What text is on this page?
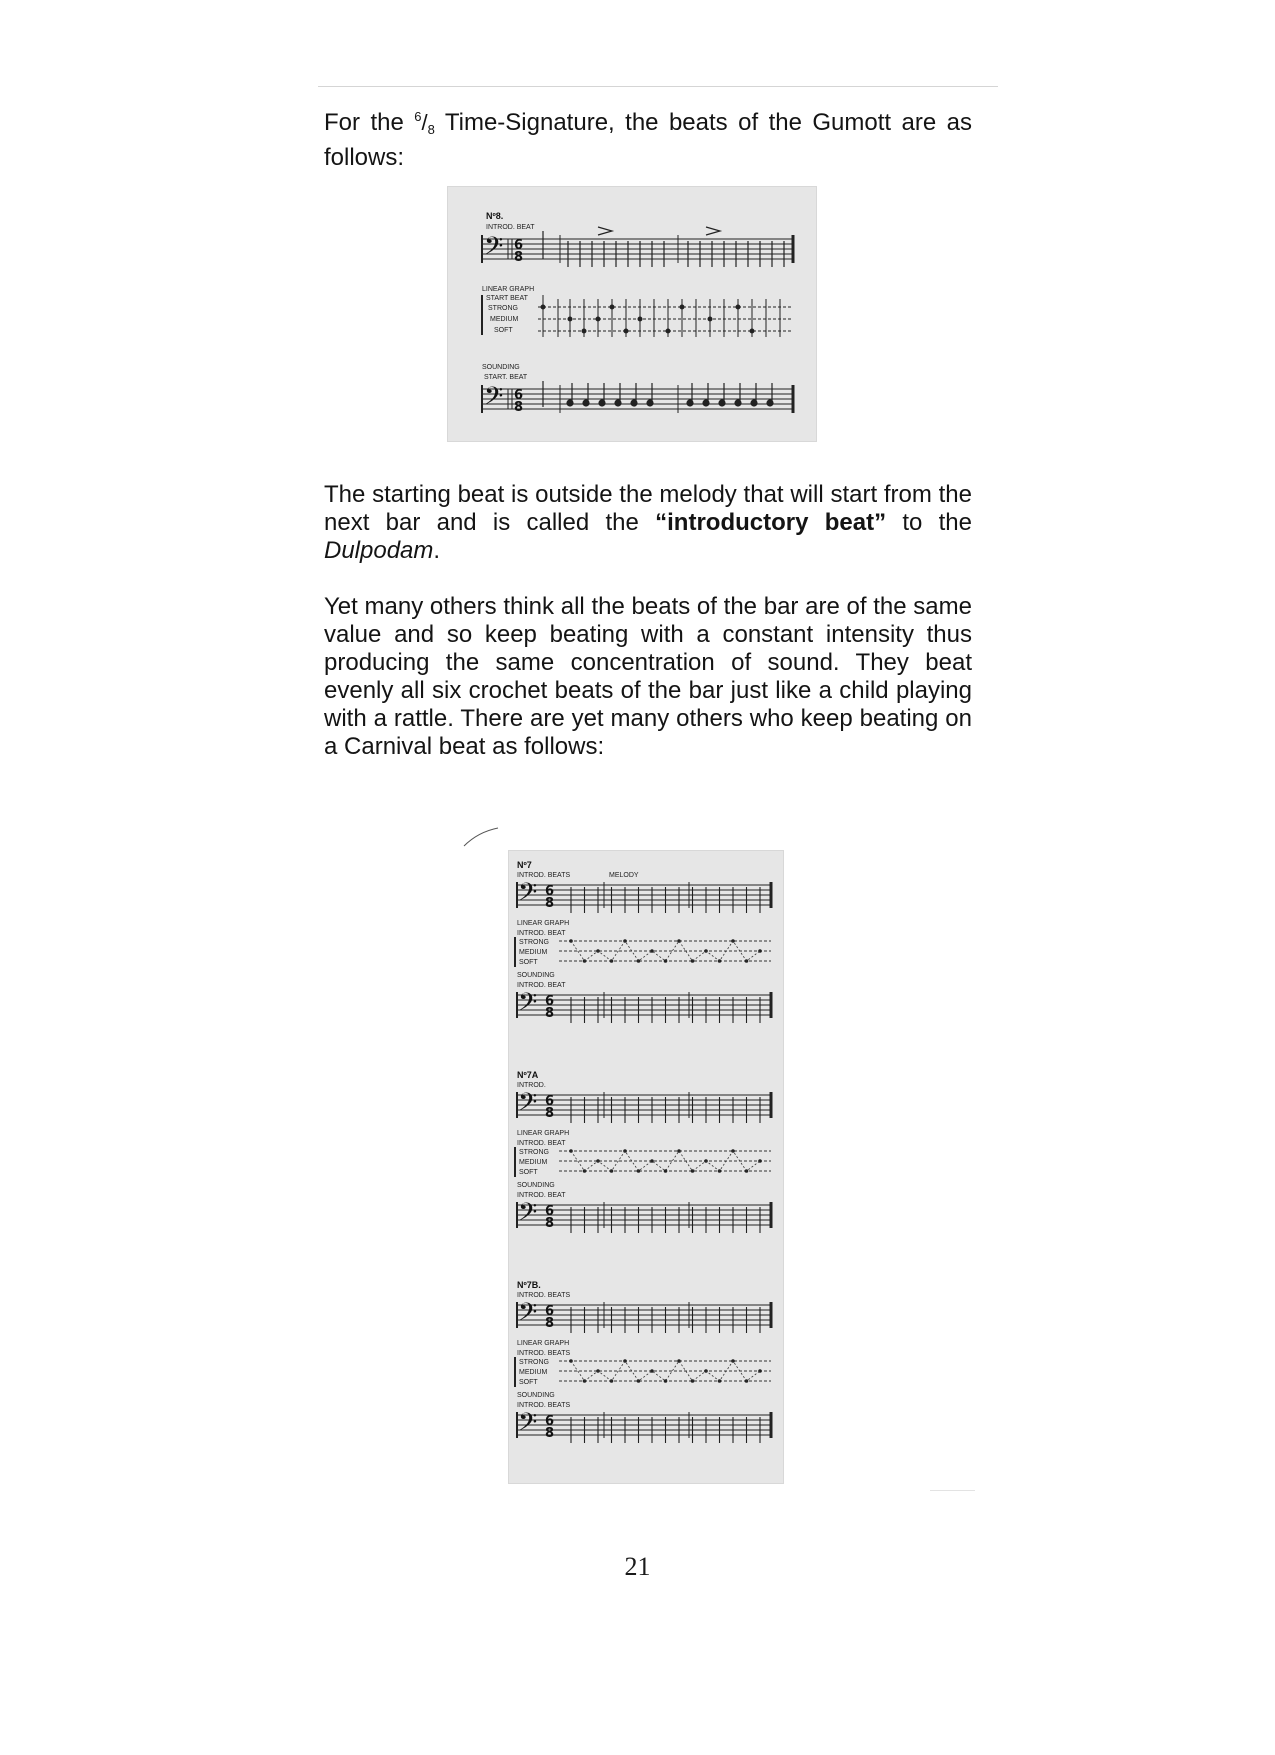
For the 6/8 Time-Signature, the beats of the Gumott are as follows:

Nº8.
INTROD. BEAT
𝄢 6
8
LINEAR GRAPH
START BEAT
STRONG
MEDIUM
SOFT
SOUNDING
START. BEAT
𝄢 6
8

The starting beat is outside the melody that will start from the next bar and is called the “introductory beat” to the Dulpodam.

Yet many others think all the beats of the bar are of the same value and so keep beating with a constant intensity thus producing the same concentration of sound. They beat evenly all six crochet beats of the bar just like a child playing with a rattle. There are yet many others who keep beating on a Carnival beat as follows:

Nº7
INTROD. BEATS	MELODY
𝄢 6
8
LINEAR GRAPH
INTROD. BEAT
STRONG
MEDIUM
SOFT
SOUNDING
INTROD. BEAT
𝄢 6
8
Nº7A
INTROD.
𝄢 6
8
LINEAR GRAPH
INTROD. BEAT
STRONG
MEDIUM
SOFT
SOUNDING
INTROD. BEAT
𝄢 6
8
Nº7B.
INTROD. BEATS
𝄢 6
8
LINEAR GRAPH
INTROD. BEATS
STRONG
MEDIUM
SOFT
SOUNDING
INTROD. BEATS
𝄢 6
8
21
